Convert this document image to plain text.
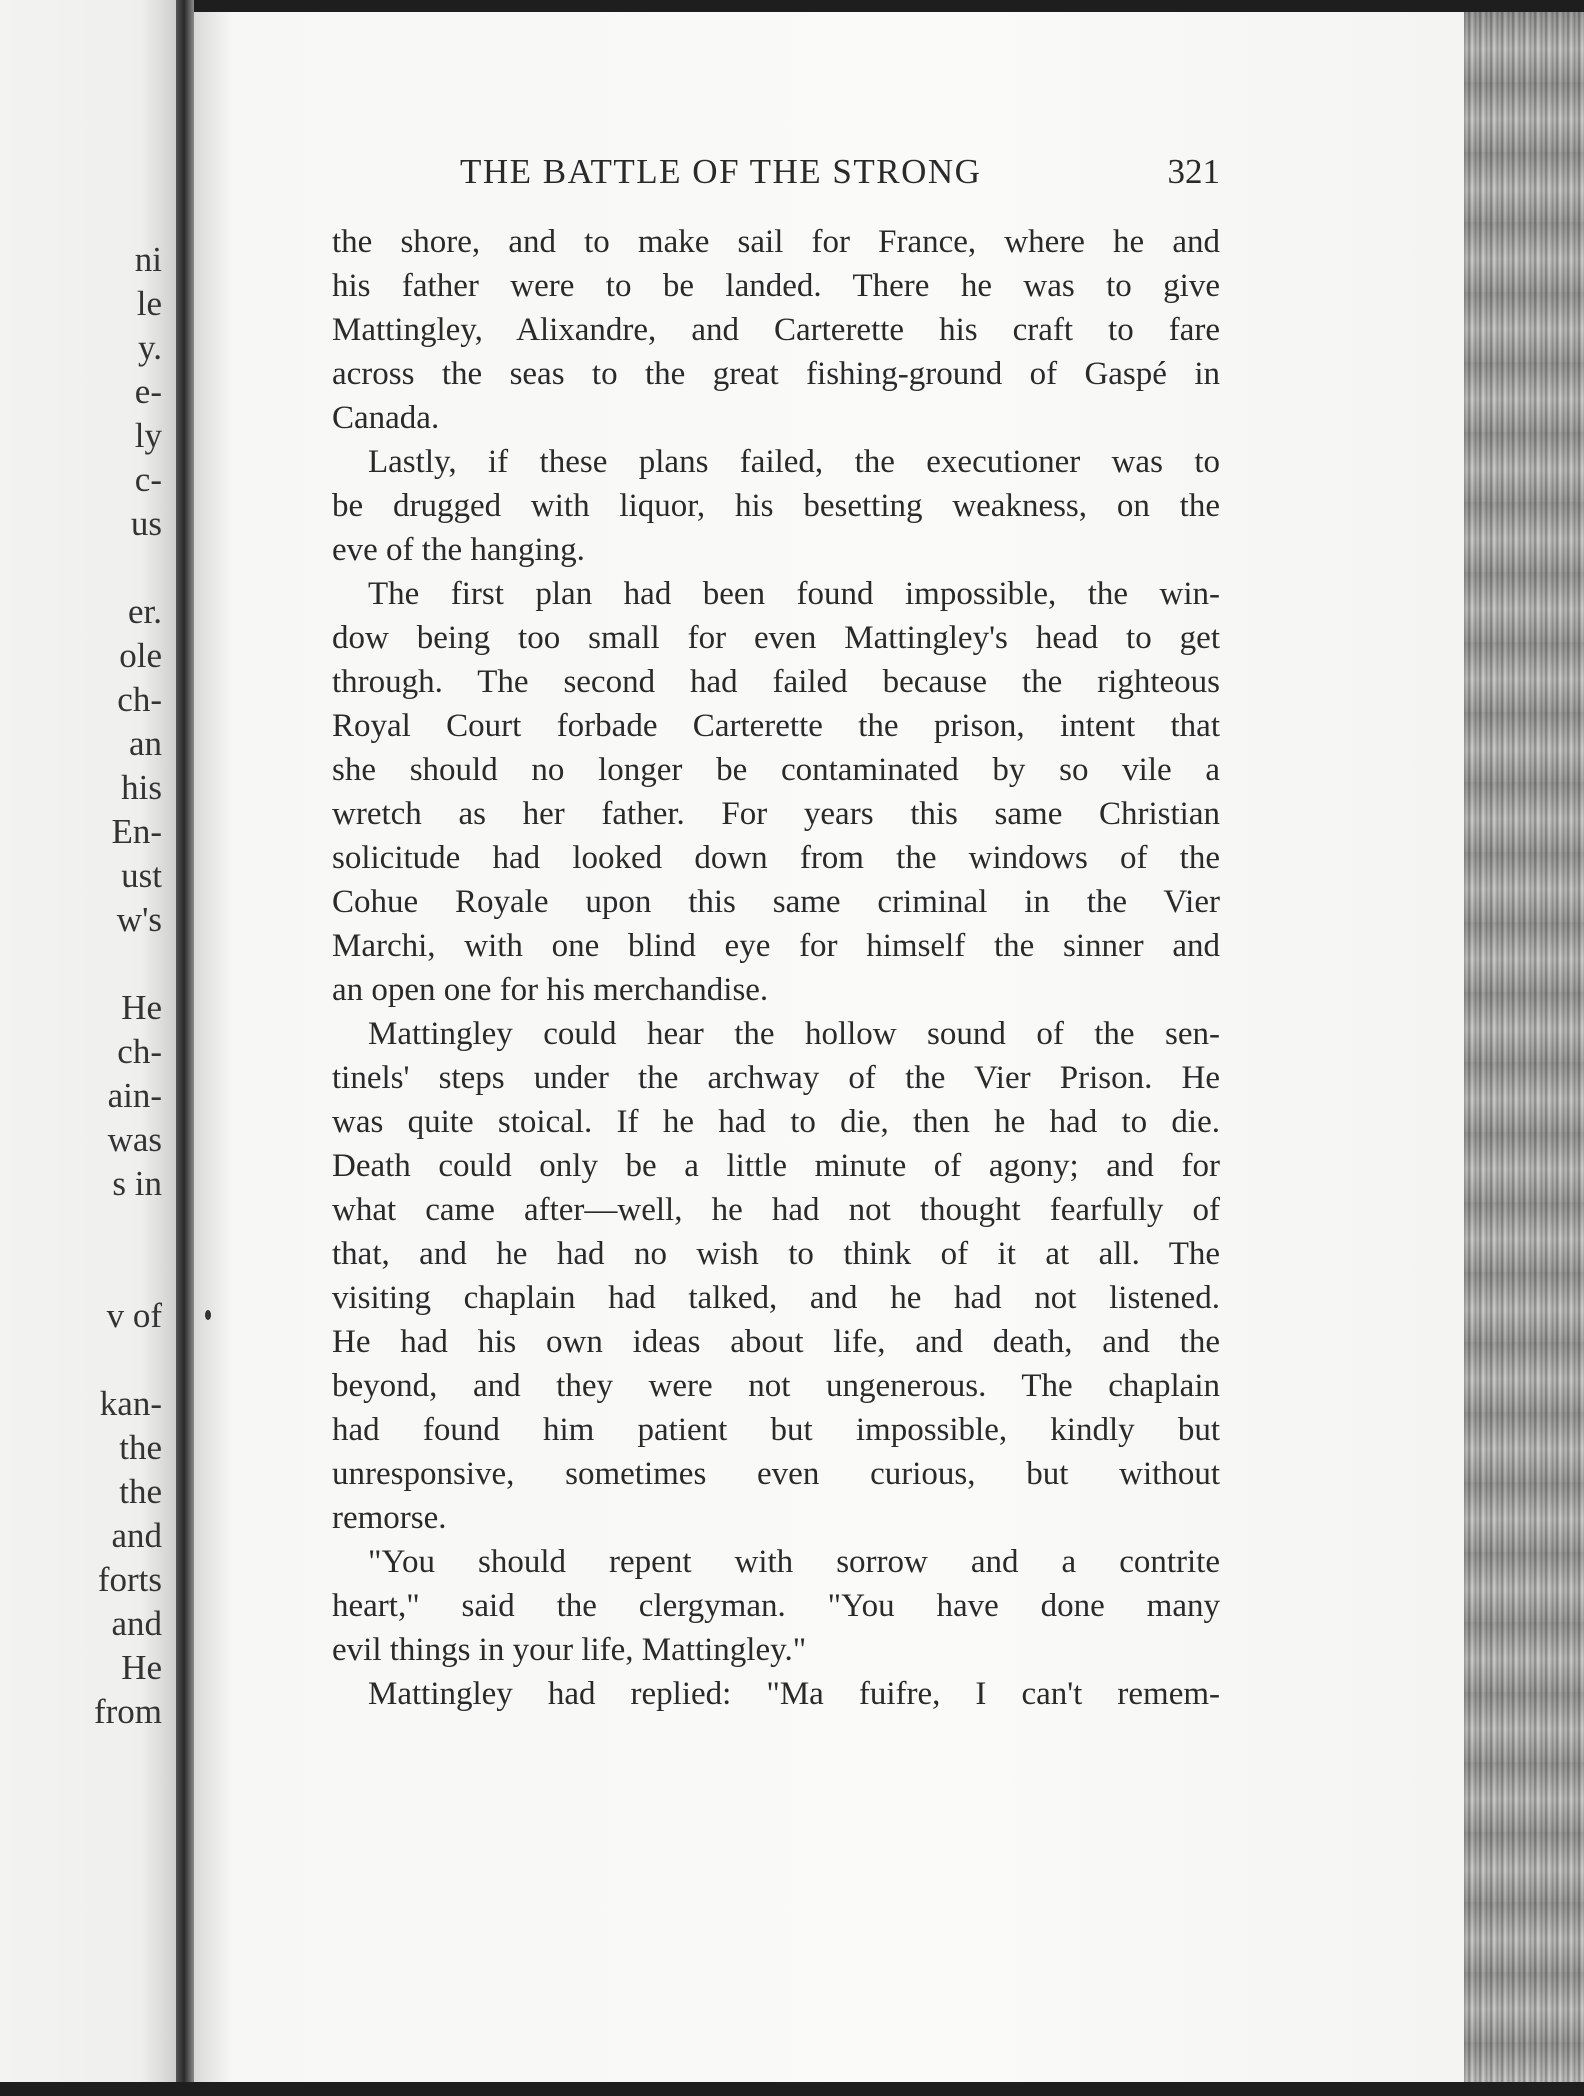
ni
le
y.
e-
ly
c-
us
er.
ole
ch-
an
his
En-
ust
w's
He
ch-
ain-
was
s in
v of
kan-
the
the
and
forts
and
He
from
THE BATTLE OF THE STRONG	321
the shore, and to make sail for France, where he and
his father were to be landed. There he was to give
Mattingley, Alixandre, and Carterette his craft to fare
across the seas to the great fishing-ground of Gaspé in
Canada.
Lastly, if these plans failed, the executioner was to
be drugged with liquor, his besetting weakness, on the
eve of the hanging.
The first plan had been found impossible, the win-
dow being too small for even Mattingley's head to get
through. The second had failed because the righteous
Royal Court forbade Carterette the prison, intent that
she should no longer be contaminated by so vile a
wretch as her father. For years this same Christian
solicitude had looked down from the windows of the
Cohue Royale upon this same criminal in the Vier
Marchi, with one blind eye for himself the sinner and
an open one for his merchandise.
Mattingley could hear the hollow sound of the sen-
tinels' steps under the archway of the Vier Prison. He
was quite stoical. If he had to die, then he had to die.
Death could only be a little minute of agony; and for
what came after—well, he had not thought fearfully of
that, and he had no wish to think of it at all. The
visiting chaplain had talked, and he had not listened.
He had his own ideas about life, and death, and the
beyond, and they were not ungenerous. The chaplain
had found him patient but impossible, kindly but
unresponsive, sometimes even curious, but without
remorse.
"You should repent with sorrow and a contrite
heart," said the clergyman. "You have done many
evil things in your life, Mattingley."
Mattingley had replied: "Ma fuifre, I can't remem-
